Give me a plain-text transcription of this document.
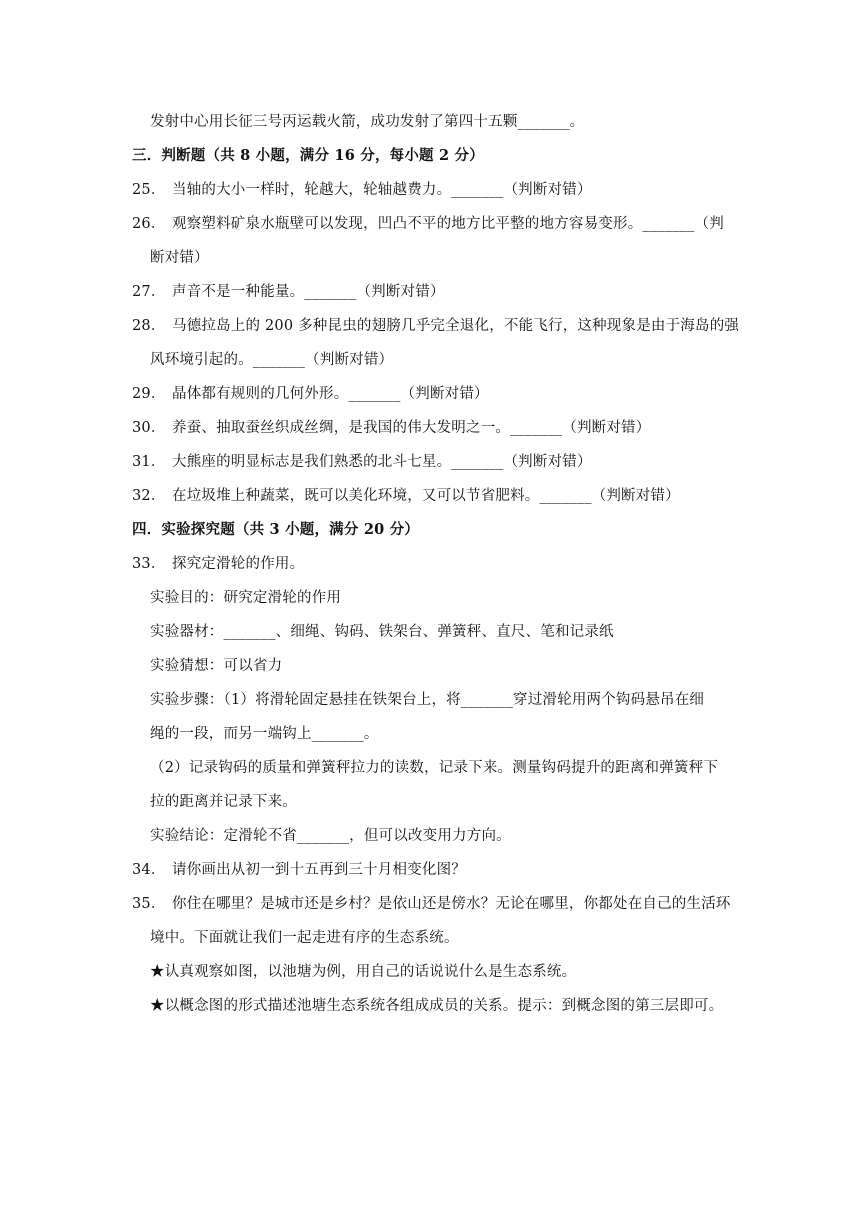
发射中心用长征三号丙运载火箭，成功发射了第四十五颗_______。
三．判断题（共 8 小题，满分 16 分，每小题 2 分）
25． 当轴的大小一样时，轮越大，轮轴越费力。_______（判断对错）
26． 观察塑料矿泉水瓶壁可以发现，凹凸不平的地方比平整的地方容易变形。_______（判
断对错）
27． 声音不是一种能量。_______（判断对错）
28． 马德拉岛上的 200 多种昆虫的翅膀几乎完全退化，不能飞行，这种现象是由于海岛的强
风环境引起的。_______（判断对错）
29． 晶体都有规则的几何外形。_______（判断对错）
30． 养蚕、抽取蚕丝织成丝绸，是我国的伟大发明之一。_______（判断对错）
31． 大熊座的明显标志是我们熟悉的北斗七星。_______（判断对错）
32． 在垃圾堆上种蔬菜，既可以美化环境，又可以节省肥料。_______（判断对错）
四．实验探究题（共 3 小题，满分 20 分）
33． 探究定滑轮的作用。
实验目的：研究定滑轮的作用
实验器材：_______、细绳、钩码、铁架台、弹簧秤、直尺、笔和记录纸
实验猜想：可以省力
实验步骤：（1）将滑轮固定悬挂在铁架台上，将_______穿过滑轮用两个钩码悬吊在细
绳的一段，而另一端钩上_______。
（2）记录钩码的质量和弹簧秤拉力的读数，记录下来。测量钩码提升的距离和弹簧秤下
拉的距离并记录下来。
实验结论：定滑轮不省_______，但可以改变用力方向。
34． 请你画出从初一到十五再到三十月相变化图？
35． 你住在哪里？是城市还是乡村？是依山还是傍水？无论在哪里，你都处在自己的生活环
境中。下面就让我们一起走进有序的生态系统。
★认真观察如图，以池塘为例，用自己的话说说什么是生态系统。
★以概念图的形式描述池塘生态系统各组成成员的关系。提示：到概念图的第三层即可。
